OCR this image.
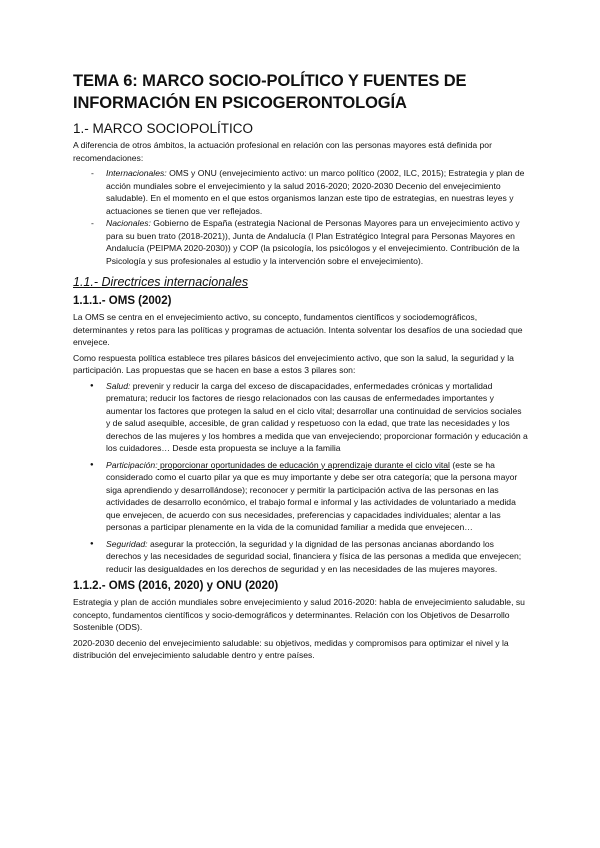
TEMA 6: MARCO SOCIO-POLÍTICO Y FUENTES DE INFORMACIÓN EN PSICOGERONTOLOGÍA
1.- MARCO SOCIOPOLÍTICO

A diferencia de otros ámbitos, la actuación profesional en relación con las personas mayores está definida por recomendaciones:

- Internacionales: OMS y ONU (envejecimiento activo: un marco político (2002, ILC, 2015); Estrategia y plan de acción mundiales sobre el envejecimiento y la salud 2016-2020; 2020-2030 Decenio del envejecimiento saludable). En el momento en el que estos organismos lanzan este tipo de estrategias, en nuestras leyes y actuaciones se tienen que ver reflejados.
- Nacionales: Gobierno de España (estrategia Nacional de Personas Mayores para un envejecimiento activo y para su buen trato (2018-2021)), Junta de Andalucía (I Plan Estratégico Integral para Personas Mayores en Andalucía (PEIPMA 2020-2030)) y COP (la psicología, los psicólogos y el envejecimiento. Contribución de la Psicología y sus profesionales al estudio y la intervención sobre el envejecimiento).
1.1.- Directrices internacionales
1.1.1.- OMS (2002)

La OMS se centra en el envejecimiento activo, su concepto, fundamentos científicos y sociodemográficos, determinantes y retos para las políticas y programas de actuación. Intenta solventar los desafíos de una sociedad que envejece.

Como respuesta política establece tres pilares básicos del envejecimiento activo, que son la salud, la seguridad y la participación. Las propuestas que se hacen en base a estos 3 pilares son:

● Salud: prevenir y reducir la carga del exceso de discapacidades, enfermedades crónicas y mortalidad prematura; reducir los factores de riesgo relacionados con las causas de enfermedades importantes y aumentar los factores que protegen la salud en el ciclo vital; desarrollar una continuidad de servicios sociales y de salud asequible, accesible, de gran calidad y respetuoso con la edad, que trate las necesidades y los derechos de las mujeres y los hombres a medida que van envejeciendo; proporcionar formación y educación a los cuidadores… Desde esta propuesta se incluye a la familia
● Participación: proporcionar oportunidades de educación y aprendizaje durante el ciclo vital (este se ha considerado como el cuarto pilar ya que es muy importante y debe ser otra categoría; que la persona mayor siga aprendiendo y desarrollándose); reconocer y permitir la participación activa de las personas en las actividades de desarrollo económico, el trabajo formal e informal y las actividades de voluntariado a medida que envejecen, de acuerdo con sus necesidades, preferencias y capacidades individuales; alentar a las personas a participar plenamente en la vida de la comunidad familiar a medida que envejecen…
● Seguridad: asegurar la protección, la seguridad y la dignidad de las personas ancianas abordando los derechos y las necesidades de seguridad social, financiera y física de las personas a medida que envejecen; reducir las desigualdades en los derechos de seguridad y en las necesidades de las mujeres mayores.
1.1.2.- OMS (2016, 2020) y ONU (2020)

Estrategia y plan de acción mundiales sobre envejecimiento y salud 2016-2020: habla de envejecimiento saludable, su concepto, fundamentos científicos y socio-demográficos y determinantes. Relación con los Objetivos de Desarrollo Sostenible (ODS).

2020-2030 decenio del envejecimiento saludable: su objetivos, medidas y compromisos para optimizar el nivel y la distribución del envejecimiento saludable dentro y entre países.
